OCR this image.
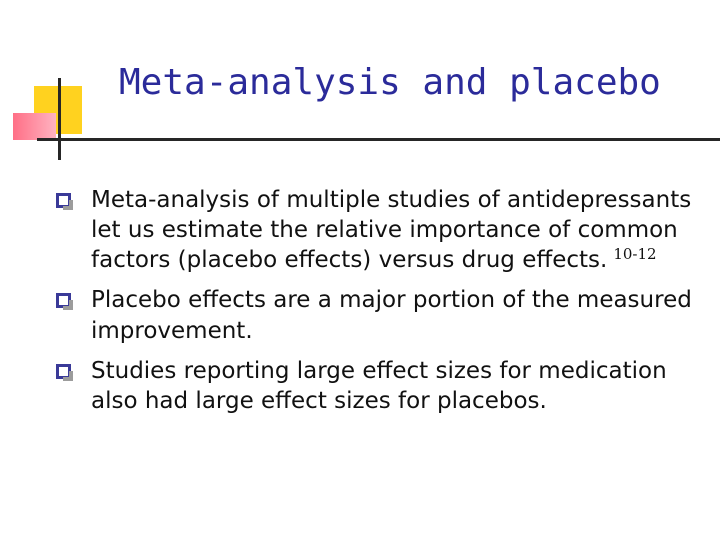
Meta-analysis and placebo
Meta-analysis of multiple studies of antidepressants let us estimate the relative importance of common factors (placebo effects) versus drug effects. $^{10-12}$
Placebo effects are a major portion of the measured improvement.
Studies reporting large effect sizes for medication also had large effect sizes for placebos.
